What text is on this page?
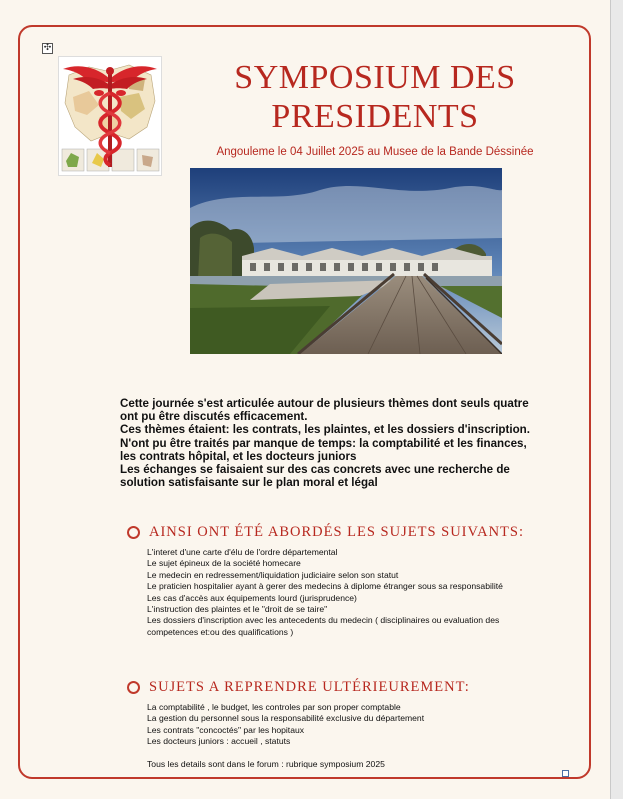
✣
SYMPOSIUM DES
PRESIDENTS
Angouleme le 04 Juillet 2025 au Musee de la Bande Déssinée

Cette journée s'est articulée autour de plusieurs thèmes dont seuls quatre ont pu être discutés efficacement.

Ces thèmes étaient: les contrats, les plaintes, et les dossiers d'inscription. N'ont pu être traités par manque de temps: la comptabilité et les finances, les contrats hôpital, et les docteurs juniors

Les échanges se faisaient sur des cas concrets avec une recherche de solution satisfaisante sur le plan moral et légal

AINSI ONT ÉTÉ ABORDÉS LES SUJETS SUIVANTS:
L'interet d'une carte d'élu de l'ordre départemental
Le sujet épineux de la société homecare
Le medecin en redressement/liquidation judiciaire selon son statut
Le praticien hospitalier ayant à gerer des medecins à diplome étranger sous sa responsabilité
Les cas d'accès aux équipements lourd (jurisprudence)
L'instruction des plaintes et le "droit de se taire"
Les dossiers d'inscription avec les antecedents du medecin ( disciplinaires ou evaluation des competences et:ou des qualifications )
SUJETS A REPRENDRE ULTÉRIEUREMENT:
La comptabilité , le budget, les controles par son proper comptable
La gestion du personnel sous la responsabilité exclusive du département
Les contrats "concoctés" par les hopitaux
Les docteurs juniors : accueil , statuts
Tous les details sont dans le forum : rubrique symposium 2025
